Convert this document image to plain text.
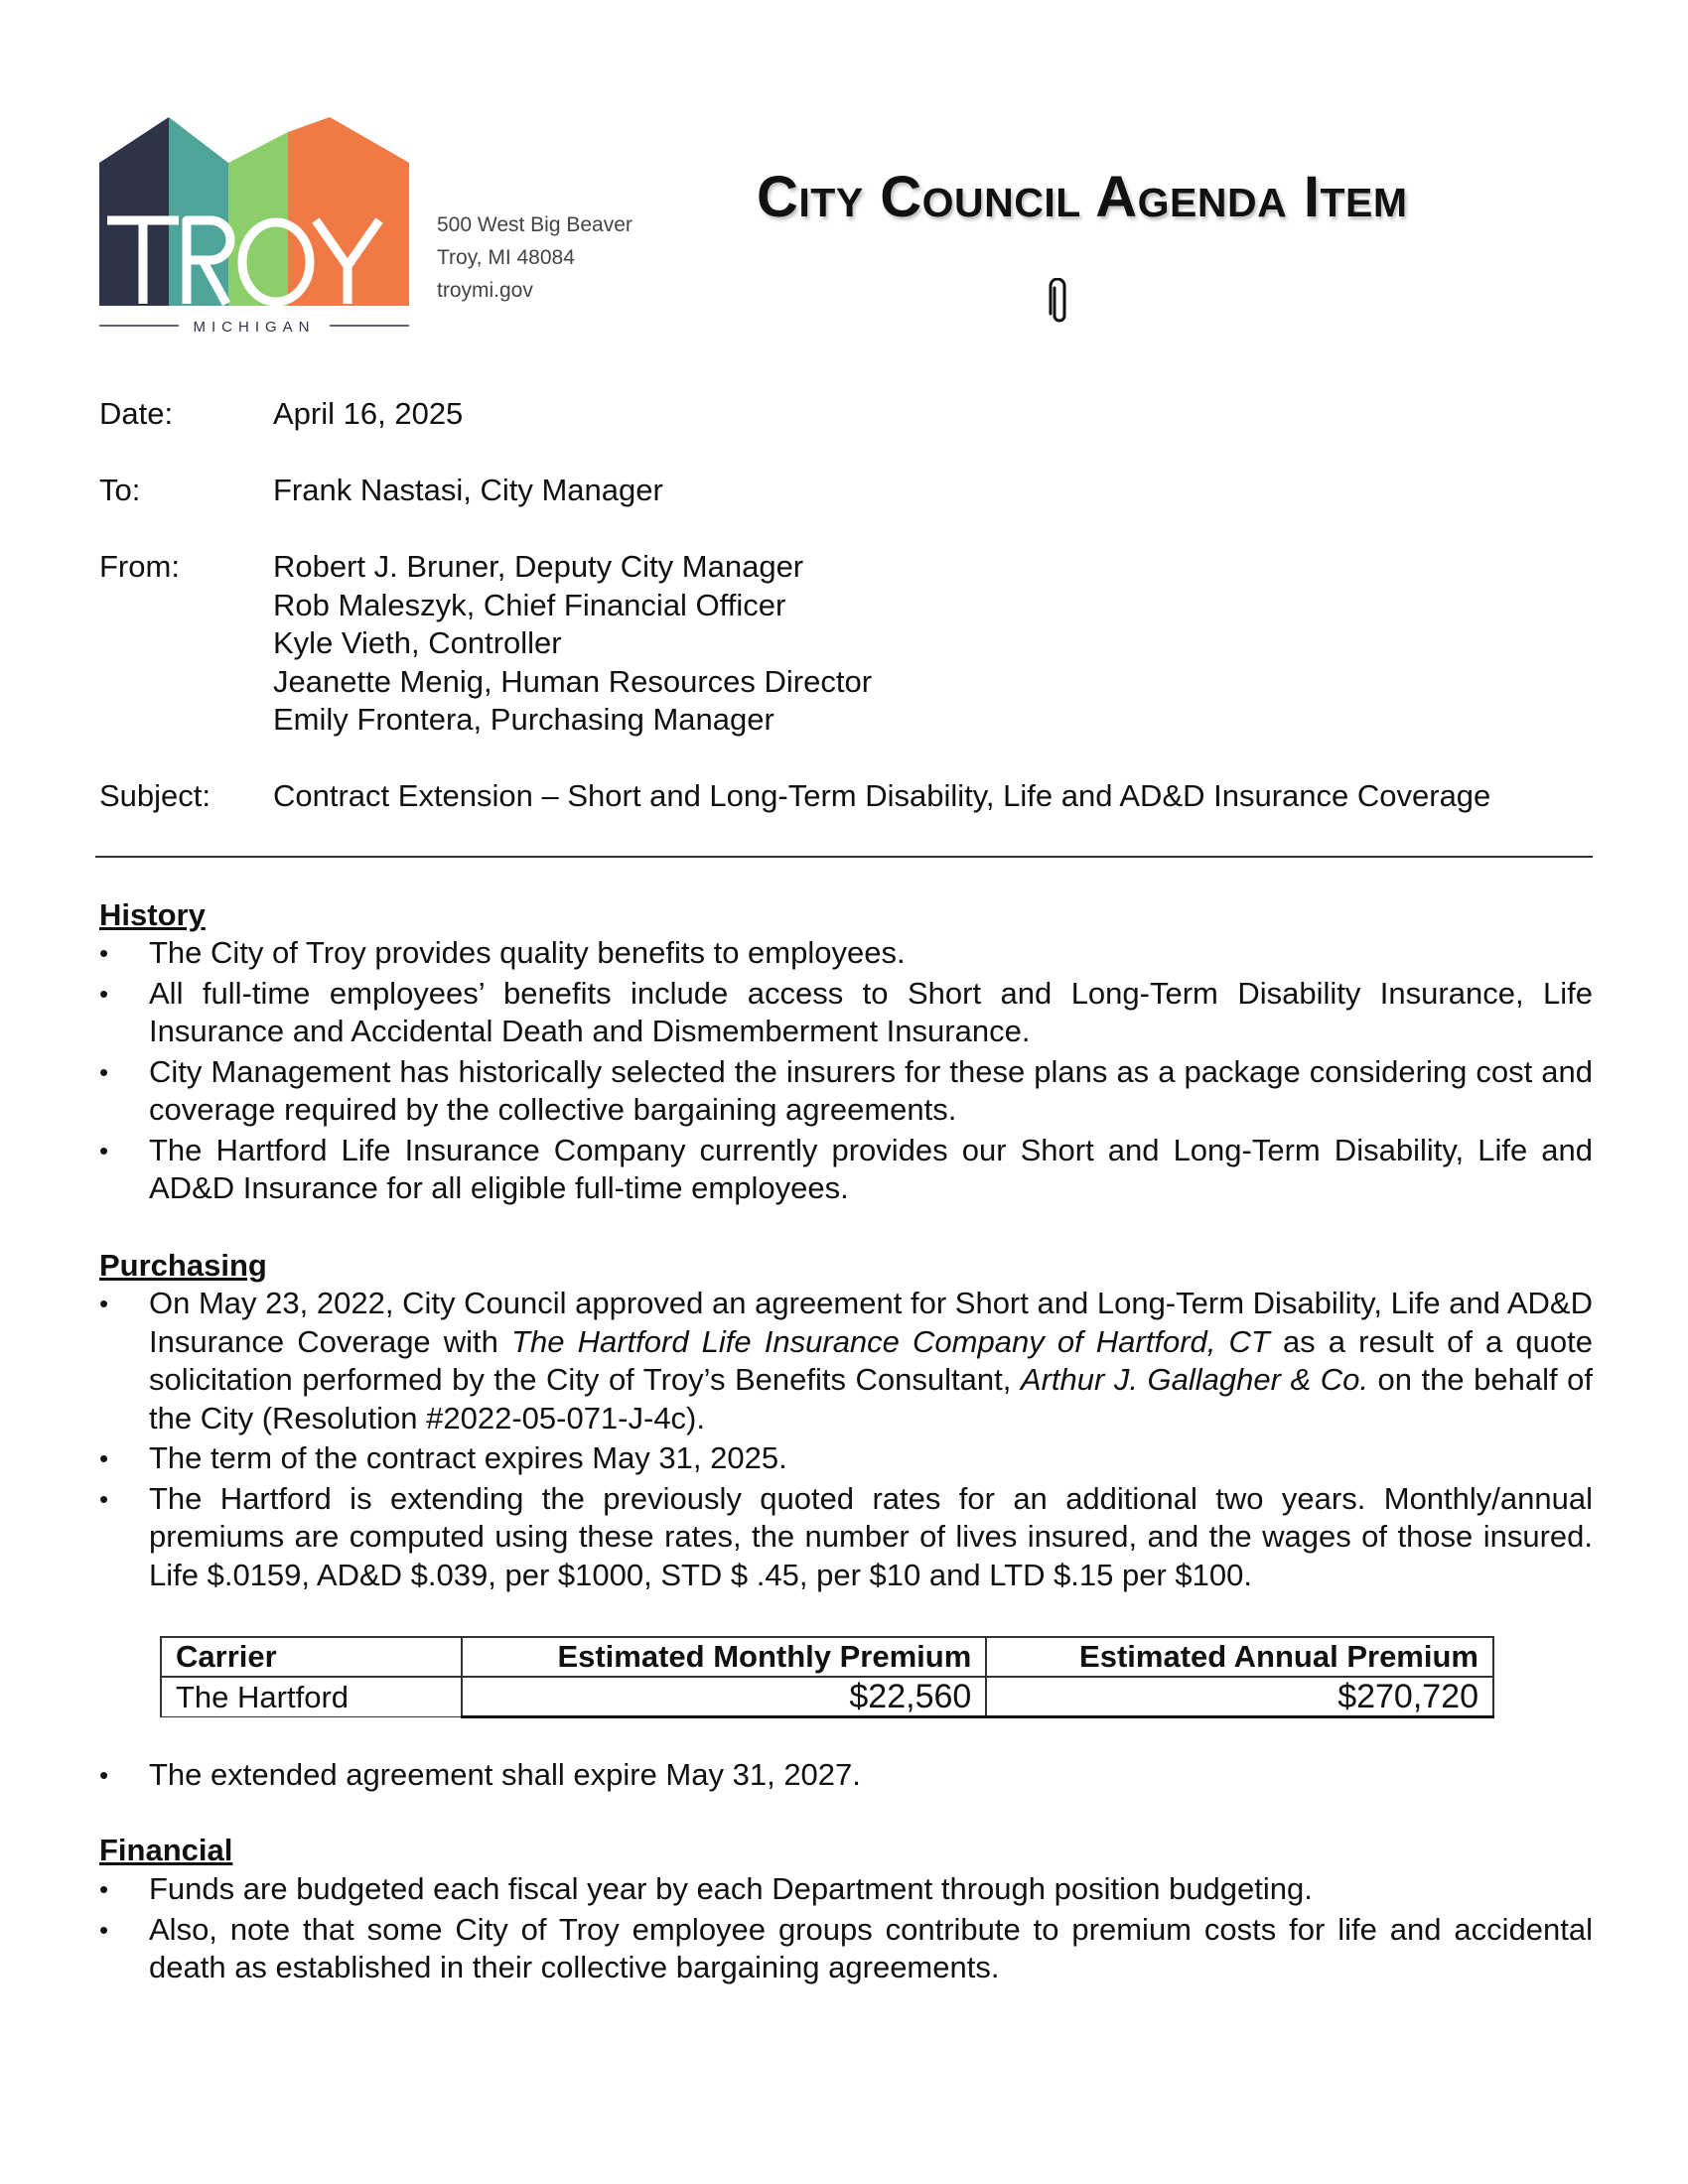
MICHIGAN
500 West Big Beaver
Troy, MI 48084
troymi.gov
City Council Agenda Item
Date:	April 16, 2025
To:	Frank Nastasi, City Manager
From:	Robert J. Bruner, Deputy City Manager
Rob Maleszyk, Chief Financial Officer
Kyle Vieth, Controller
Jeanette Menig, Human Resources Director
Emily Frontera, Purchasing Manager
Subject:	Contract Extension – Short and Long-Term Disability, Life and AD&D Insurance Coverage
History
• The City of Troy provides quality benefits to employees.
• All full-time employees’ benefits include access to Short and Long-Term Disability Insurance, Life Insurance and Accidental Death and Dismemberment Insurance.
• City Management has historically selected the insurers for these plans as a package considering cost and coverage required by the collective bargaining agreements.
• The Hartford Life Insurance Company currently provides our Short and Long-Term Disability, Life and AD&D Insurance for all eligible full-time employees.
Purchasing
• On May 23, 2022, City Council approved an agreement for Short and Long-Term Disability, Life and AD&D Insurance Coverage with The Hartford Life Insurance Company of Hartford, CT as a result of a quote solicitation performed by the City of Troy’s Benefits Consultant, Arthur J. Gallagher & Co. on the behalf of the City (Resolution #2022-05-071-J-4c).
• The term of the contract expires May 31, 2025.
• The Hartford is extending the previously quoted rates for an additional two years. Monthly/annual premiums are computed using these rates, the number of lives insured, and the wages of those insured. Life $.0159, AD&D $.039, per $1000, STD $ .45, per $10 and LTD $.15 per $100.
Carrier	Estimated Monthly Premium	Estimated Annual Premium
The Hartford	$22,560	$270,720
• The extended agreement shall expire May 31, 2027.
Financial
• Funds are budgeted each fiscal year by each Department through position budgeting.
• Also, note that some City of Troy employee groups contribute to premium costs for life and accidental death as established in their collective bargaining agreements.
